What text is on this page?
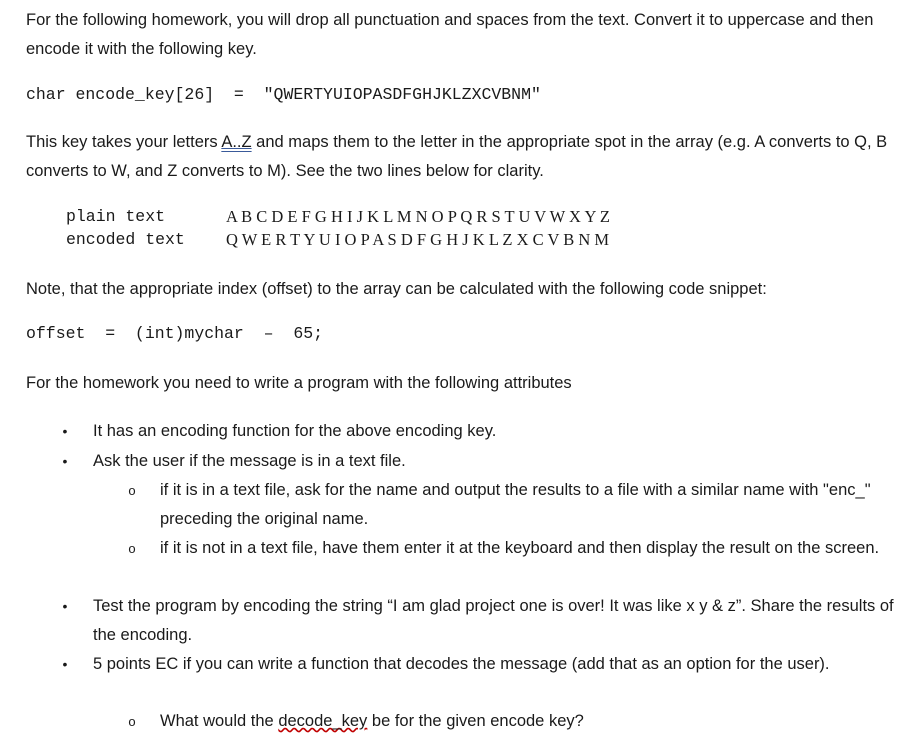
For the following homework, you will drop all punctuation and spaces from the text. Convert it to uppercase and then encode it with the following key.

char encode_key[26]  =  "QWERTYUIOPASDFGHJKLZXCVBNM"

This key takes your letters A..Z and maps them to the letter in the appropriate spot in the array (e.g. A converts to Q, B converts to W, and Z converts to M). See the two lines below for clarity.

plain text	A B C D E F G H I J K L M N O P Q R S T U V W X Y Z
encoded text	Q W E R T Y U I O P A S D F G H J K L Z X C V B N M

Note, that the appropriate index (offset) to the array can be calculated with the following code snippet:

offset  =  (int)mychar  –  65;

For the homework you need to write a program with the following attributes

• It has an encoding function for the above encoding key.

• Ask the user if the message is in a text file.

o if it is in a text file, ask for the name and output the results to a file with a similar name with "enc_" preceding the original name.

o if it is not in a text file, have them enter it at the keyboard and then display the result on the screen.

• Test the program by encoding the string “I am glad project one is over! It was like x y & z”. Share the results of the encoding.

• 5 points EC if you can write a function that decodes the message (add that as an option for the user).

o What would the decode_key be for the given encode key?
